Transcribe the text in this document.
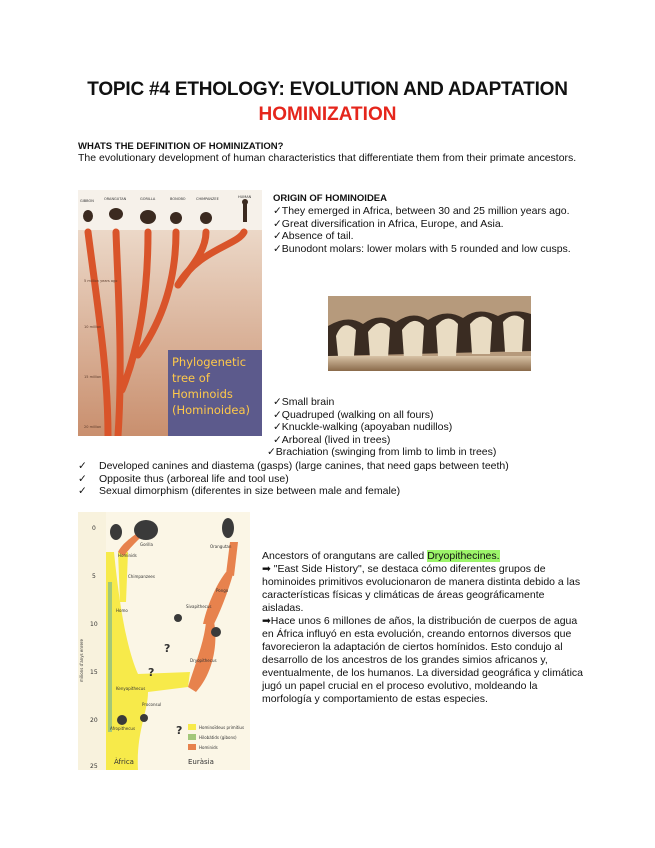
TOPIC #4 ETHOLOGY: EVOLUTION AND ADAPTATION
HOMINIZATION
WHATS THE DEFINITION OF HOMINIZATION?
The evolutionary development of human characteristics that differentiate them from their primate ancestors.
GIBBON	ORANGUTAN	GORILLA	BONOBO	CHIMPANZEE	HUMAN
5 million years ago
10 million
15 million
20 million
Phylogenetic
tree of
Hominoids
(Hominoidea)
ORIGIN OF HOMINOIDEA
✓They emerged in Africa, between 30 and 25 million years ago.
✓Great diversification in Africa, Europe, and Asia.
✓Absence of tail.
✓Bunodont molars: lower molars with 5 rounded and low cusps.
✓Small brain
✓Quadruped (walking on all fours)
✓Knuckle-walking (apoyaban nudillos)
✓Arboreal (lived in trees)
✓Brachiation (swinging from limb to limb in trees)
✓ Developed canines and diastema (gasps) (large canines, that need gaps between teeth)
✓ Opposite thus (arboreal life and tool use)
✓ Sexual dimorphism (diferentes in size between male and female)
milions d'anys enrere
0
5
10
15
20
25
Hominids
Gorilla
Chimpanzees
Orangutan
Homo
Proconsul
Afropithecus
Kenyapithecus
Dryopithecus
Sivapithecus
Pongo
?
?
?	Hominoïdeus primitius
Hilobàtids (gibons)
Hominids
Àfrica	Euràsia
Ancestors of orangutans are called Dryopithecines.
➡ "East Side History", se destaca cómo diferentes grupos de hominoides primitivos evolucionaron de manera distinta debido a las características físicas y climáticas de áreas geográficamente aisladas.
➡Hace unos 6 millones de años, la distribución de cuerpos de agua en África influyó en esta evolución, creando entornos diversos que favorecieron la adaptación de ciertos homínidos. Esto condujo al desarrollo de los ancestros de los grandes simios africanos y, eventualmente, de los humanos. La diversidad geográfica y climática jugó un papel crucial en el proceso evolutivo, moldeando la morfología y comportamiento de estas especies.
